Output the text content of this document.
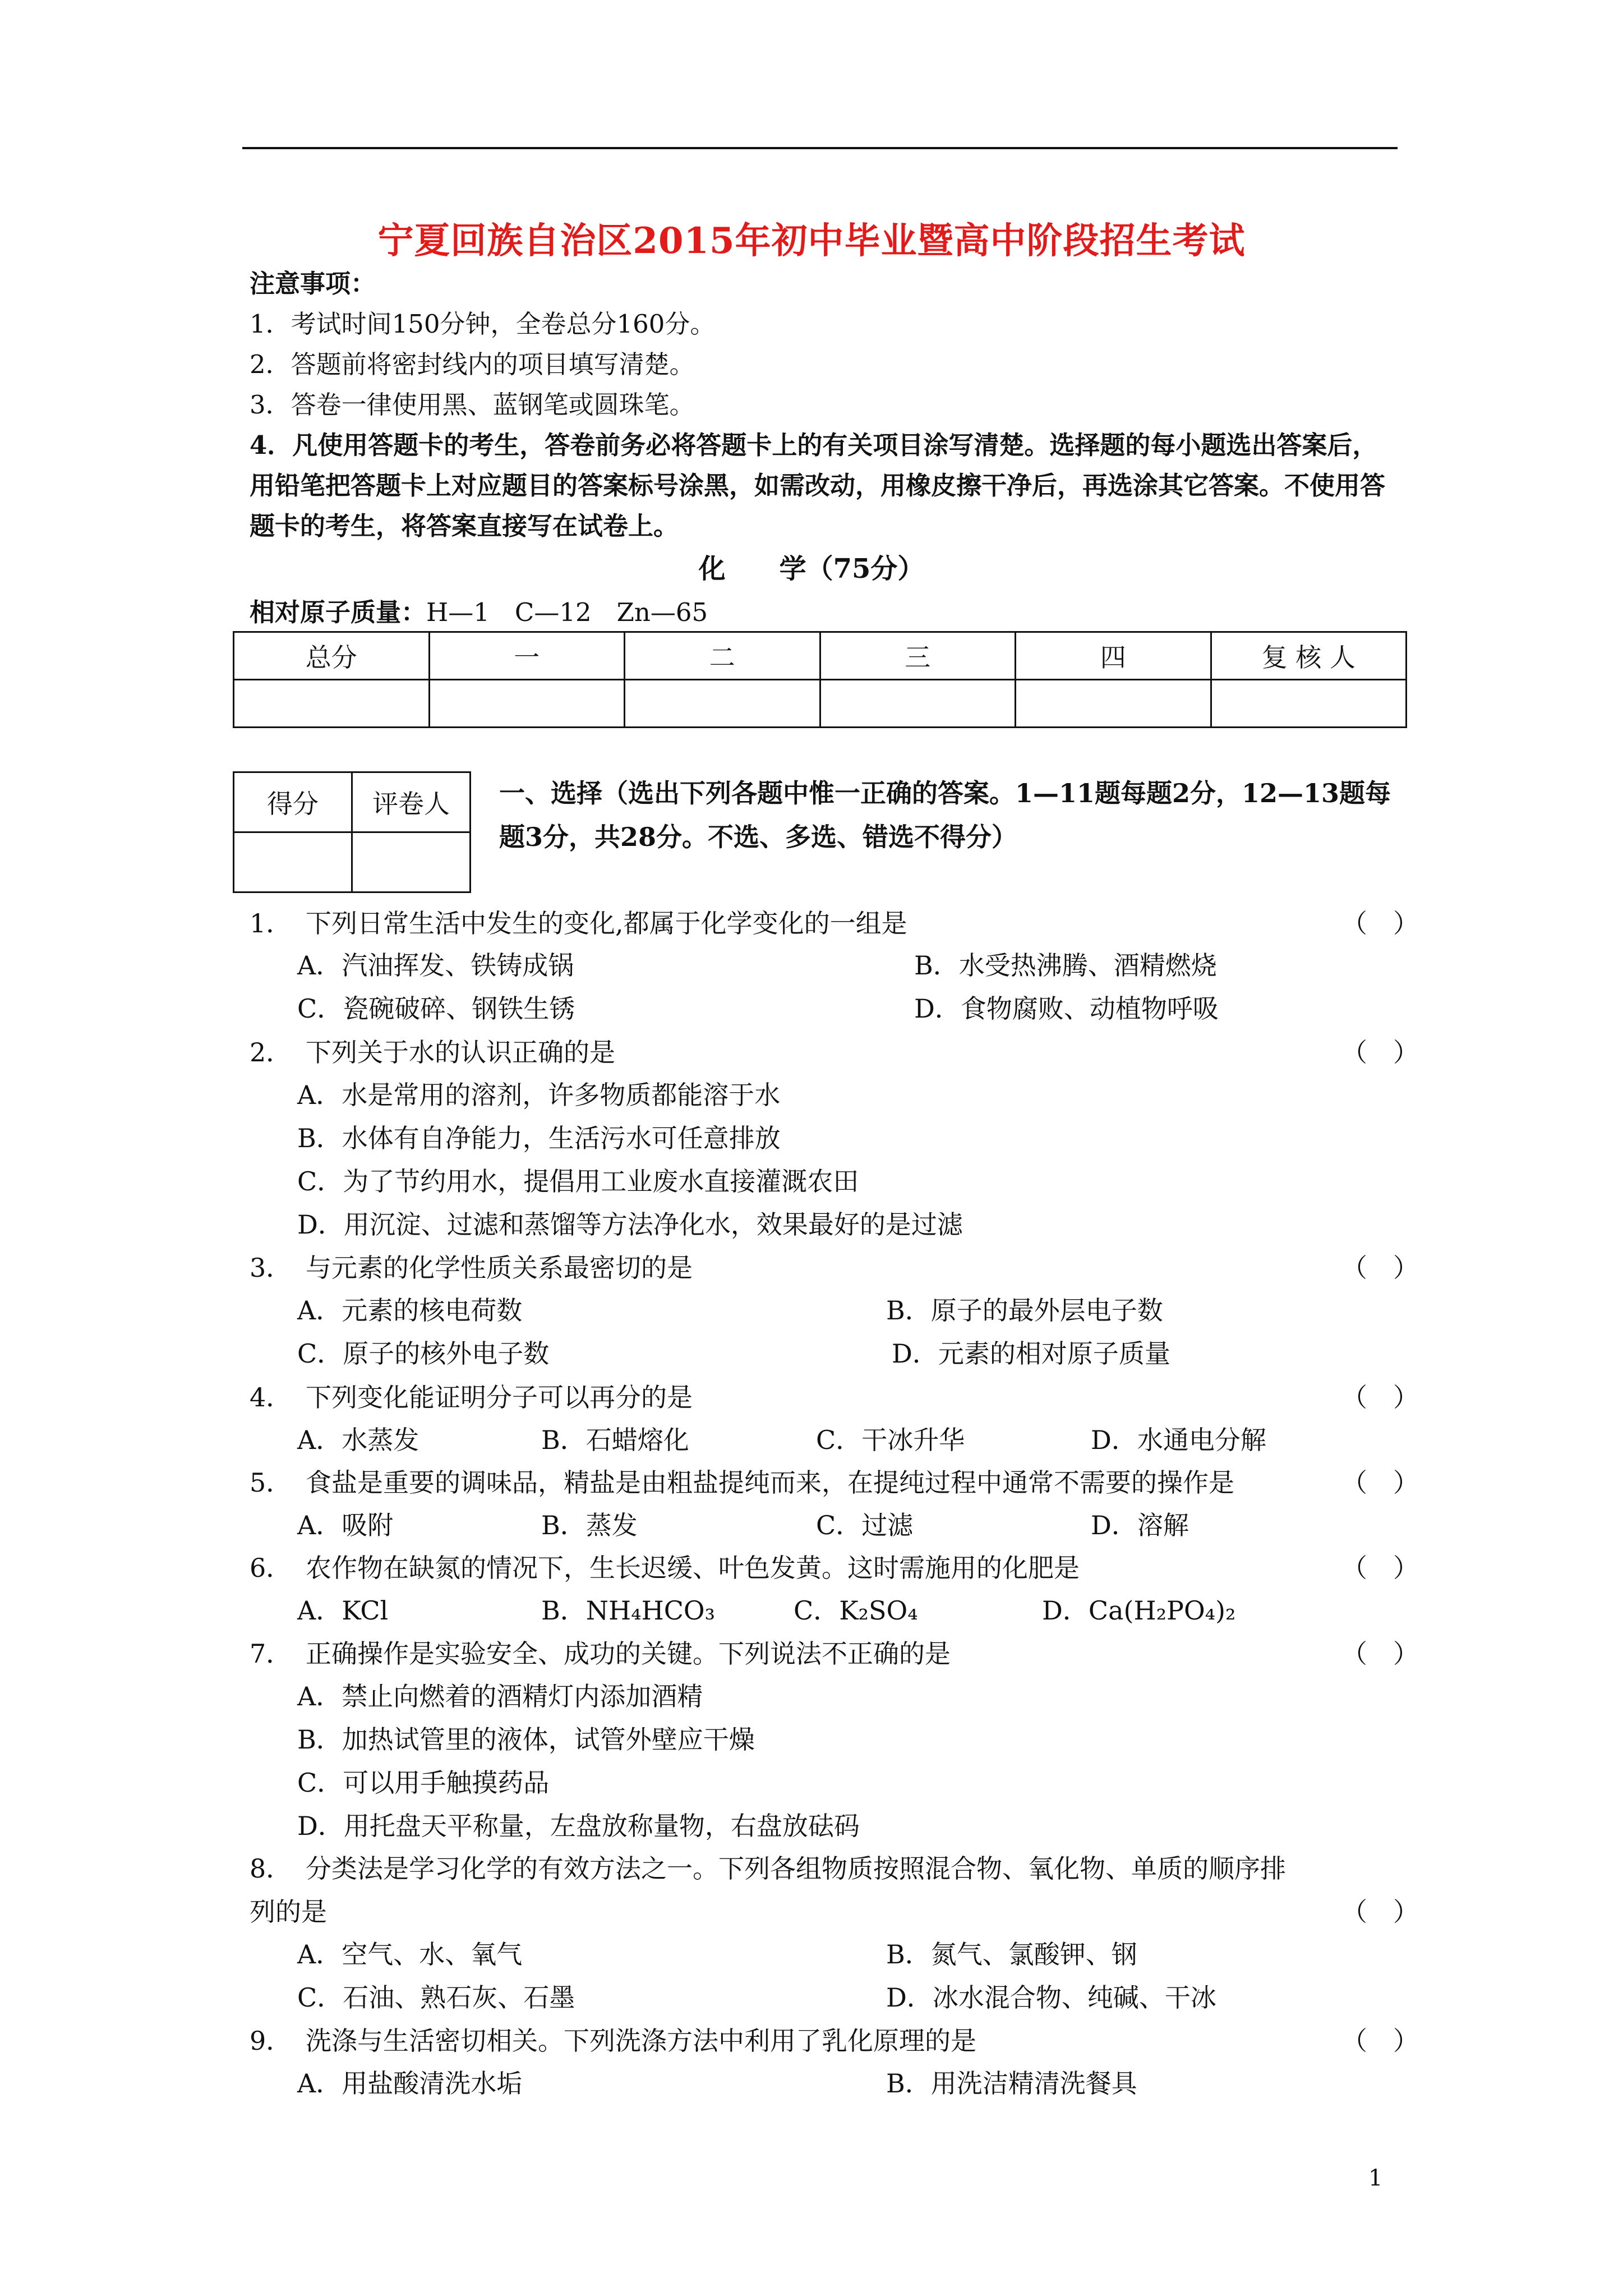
宁夏回族自治区2015年初中毕业暨高中阶段招生考试
注意事项：
1．考试时间150分钟，全卷总分160分。
2．答题前将密封线内的项目填写清楚。
3．答卷一律使用黑、蓝钢笔或圆珠笔。
4．凡使用答题卡的考生，答卷前务必将答题卡上的有关项目涂写清楚。选择题的每小题选出答案后，用铅笔把答题卡上对应题目的答案标号涂黑，如需改动，用橡皮擦干净后，再选涂其它答案。不使用答题卡的考生，将答案直接写在试卷上。
化　　学（75分）
相对原子质量：H—1　C—12　Zn—65
总分	一	二	三	四	复 核 人

得分	评卷人
	一、选择（选出下列各题中惟一正确的答案。1—11题每题2分，12—13题每题3分，共28分。不选、多选、错选不得分）
1． 下列日常生活中发生的变化,都属于化学变化的一组是	（　）
A．汽油挥发、铁铸成锅	B．水受热沸腾、酒精燃烧
C．瓷碗破碎、钢铁生锈	D．食物腐败、动植物呼吸
2． 下列关于水的认识正确的是	（　）
A．水是常用的溶剂，许多物质都能溶于水
B．水体有自净能力，生活污水可任意排放
C．为了节约用水，提倡用工业废水直接灌溉农田
D．用沉淀、过滤和蒸馏等方法净化水，效果最好的是过滤
3． 与元素的化学性质关系最密切的是	（　）
A．元素的核电荷数	B．原子的最外层电子数
C．原子的核外电子数	D．元素的相对原子质量
4． 下列变化能证明分子可以再分的是	（　）
A．水蒸发	B．石蜡熔化	C．干冰升华	D．水通电分解
5． 食盐是重要的调味品，精盐是由粗盐提纯而来，在提纯过程中通常不需要的操作是	（　）
A．吸附	B．蒸发	C．过滤	D．溶解
6． 农作物在缺氮的情况下，生长迟缓、叶色发黄。这时需施用的化肥是	（　）
A．KCl	B．NH₄HCO₃	C．K₂SO₄	D．Ca(H₂PO₄)₂
7． 正确操作是实验安全、成功的关键。下列说法不正确的是	（　）
A．禁止向燃着的酒精灯内添加酒精
B．加热试管里的液体，试管外壁应干燥
C．可以用手触摸药品
D．用托盘天平称量，左盘放称量物，右盘放砝码
8． 分类法是学习化学的有效方法之一。下列各组物质按照混合物、氧化物、单质的顺序排
列的是	（　）
A．空气、水、氧气	B．氮气、氯酸钾、钢
C．石油、熟石灰、石墨	D．冰水混合物、纯碱、干冰
9． 洗涤与生活密切相关。下列洗涤方法中利用了乳化原理的是	（　）
A．用盐酸清洗水垢	B．用洗洁精清洗餐具
1
